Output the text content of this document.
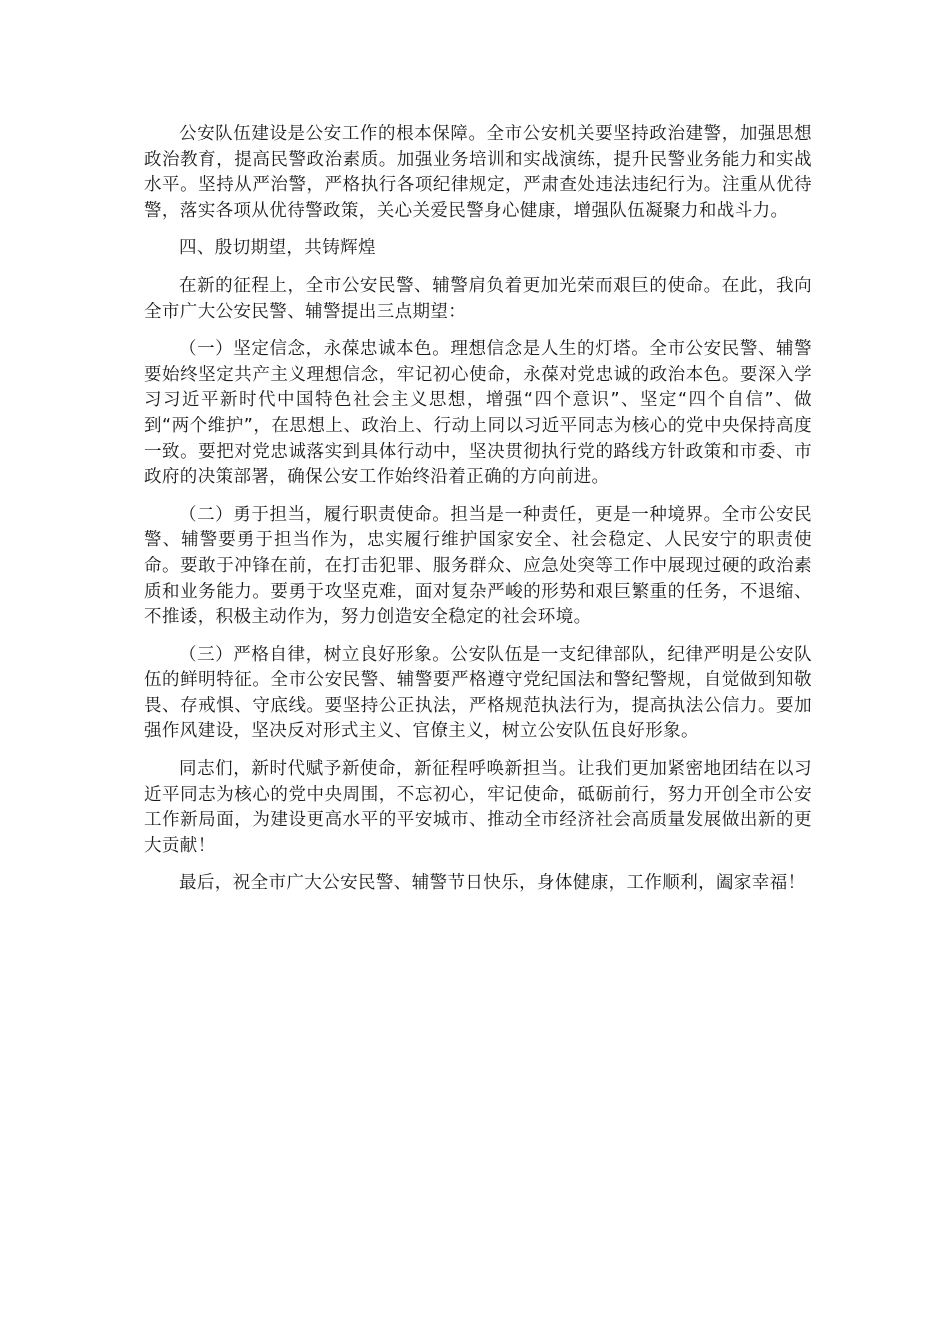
公安队伍建设是公安工作的根本保障。全市公安机关要坚持政治建警，加强思想政治教育，提高民警政治素质。加强业务培训和实战演练，提升民警业务能力和实战水平。坚持从严治警，严格执行各项纪律规定，严肃查处违法违纪行为。注重从优待警，落实各项从优待警政策，关心关爱民警身心健康，增强队伍凝聚力和战斗力。

四、殷切期望，共铸辉煌

在新的征程上，全市公安民警、辅警肩负着更加光荣而艰巨的使命。在此，我向全市广大公安民警、辅警提出三点期望：

（一）坚定信念，永葆忠诚本色。理想信念是人生的灯塔。全市公安民警、辅警要始终坚定共产主义理想信念，牢记初心使命，永葆对党忠诚的政治本色。要深入学习习近平新时代中国特色社会主义思想，增强“四个意识”、坚定“四个自信”、做到“两个维护”，在思想上、政治上、行动上同以习近平同志为核心的党中央保持高度一致。要把对党忠诚落实到具体行动中，坚决贯彻执行党的路线方针政策和市委、市政府的决策部署，确保公安工作始终沿着正确的方向前进。

（二）勇于担当，履行职责使命。担当是一种责任，更是一种境界。全市公安民警、辅警要勇于担当作为，忠实履行维护国家安全、社会稳定、人民安宁的职责使命。要敢于冲锋在前，在打击犯罪、服务群众、应急处突等工作中展现过硬的政治素质和业务能力。要勇于攻坚克难，面对复杂严峻的形势和艰巨繁重的任务，不退缩、不推诿，积极主动作为，努力创造安全稳定的社会环境。

（三）严格自律，树立良好形象。公安队伍是一支纪律部队，纪律严明是公安队伍的鲜明特征。全市公安民警、辅警要严格遵守党纪国法和警纪警规，自觉做到知敬畏、存戒惧、守底线。要坚持公正执法，严格规范执法行为，提高执法公信力。要加强作风建设，坚决反对形式主义、官僚主义，树立公安队伍良好形象。

同志们，新时代赋予新使命，新征程呼唤新担当。让我们更加紧密地团结在以习近平同志为核心的党中央周围，不忘初心，牢记使命，砥砺前行，努力开创全市公安工作新局面，为建设更高水平的平安城市、推动全市经济社会高质量发展做出新的更大贡献！

最后，祝全市广大公安民警、辅警节日快乐，身体健康，工作顺利，阖家幸福！
